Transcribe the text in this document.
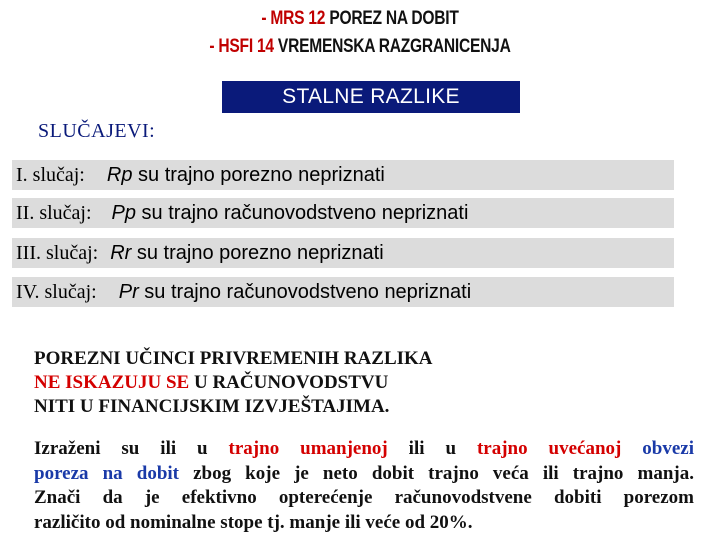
- MRS 12 POREZ NA DOBIT
- HSFI 14 VREMENSKA RAZGRANICENJA
STALNE RAZLIKE
SLUČAJEVI:
I. slučaj: Rp su trajno porezno nepriznati
II. slučaj: Pp su trajno računovodstveno nepriznati
III. slučaj: Rr su trajno porezno nepriznati
IV. slučaj: Pr su trajno računovodstveno nepriznati
POREZNI UČINCI PRIVREMENIH RAZLIKA
NE ISKAZUJU SE U RAČUNOVODSTVU
NITI U FINANCIJSKIM IZVJEŠTAJIMA.
Izraženi su ili u trajno umanjenoj ili u trajno uvećanoj obvezi
poreza na dobit zbog koje je neto dobit trajno veća ili trajno manja.
Znači da je efektivno opterećenje računovodstvene dobiti porezom
različito od nominalne stope tj. manje ili veće od 20%.
